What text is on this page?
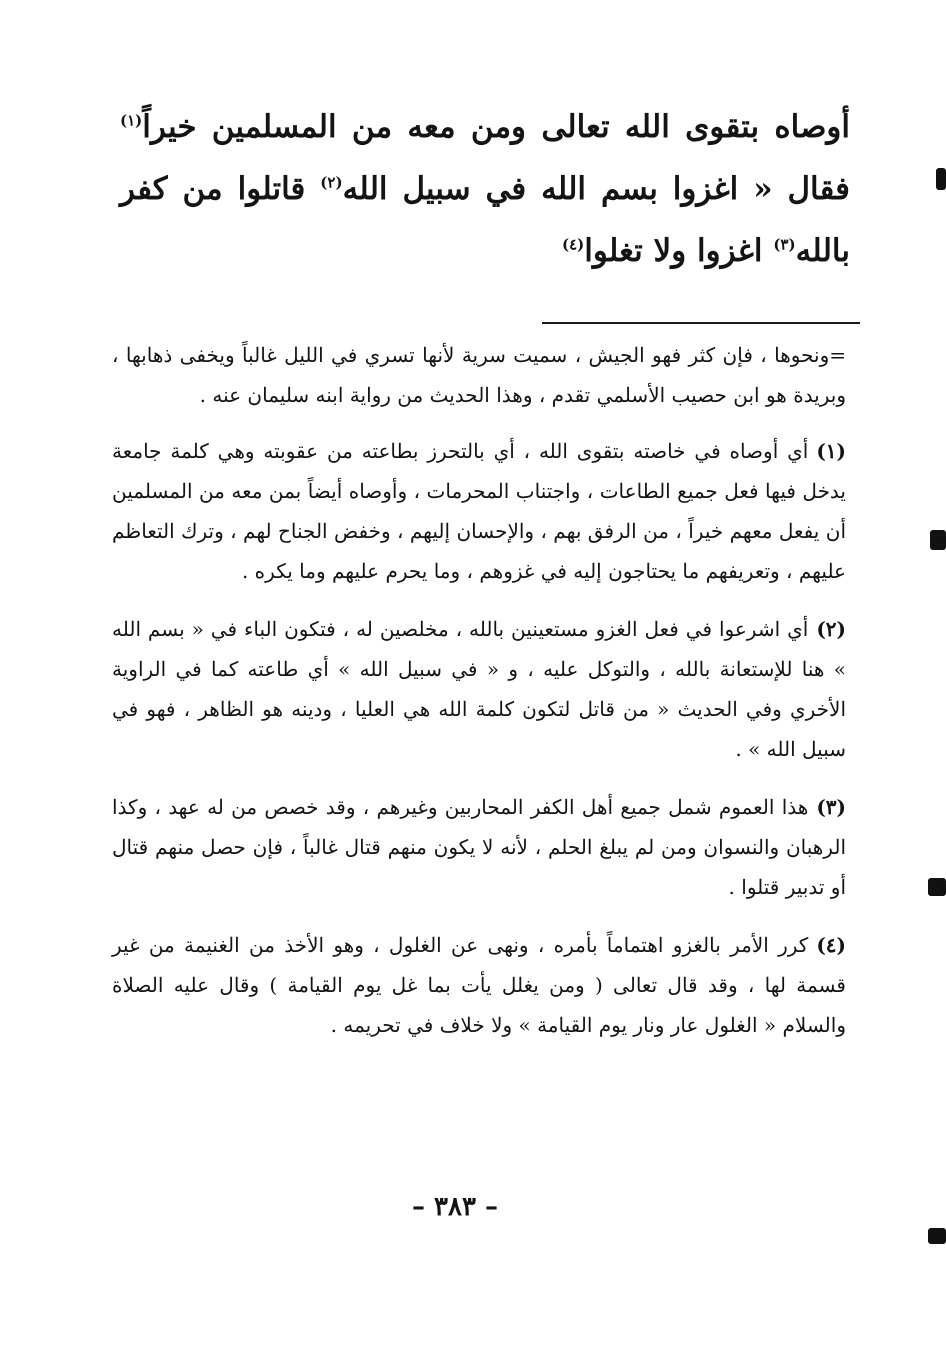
أوصاه بتقوى الله تعالى ومن معه من المسلمين خيراً$^{(١)}$ فقال « اغزوا بسم الله في سبيل الله$^{(٢)}$ قاتلوا من كفر بالله$^{(٣)}$ اغزوا ولا تغلوا$^{(٤)}$

=ونحوها ، فإن كثر فهو الجيش ، سميت سرية لأنها تسري في الليل غالباً ويخفى ذهابها ، وبريدة هو ابن حصيب الأسلمي تقدم ، وهذا الحديث من رواية ابنه سليمان عنه .

(١)أي أوصاه في خاصته بتقوى الله ، أي بالتحرز بطاعته من عقوبته وهي كلمة جامعة يدخل فيها فعل جميع الطاعات ، واجتناب المحرمات ، وأوصاه أيضاً بمن معه من المسلمين أن يفعل معهم خيراً ، من الرفق بهم ، والإحسان إليهم ، وخفض الجناح لهم ، وترك التعاظم عليهم ، وتعريفهم ما يحتاجون إليه في غزوهم ، وما يحرم عليهم وما يكره .

(٢)أي اشرعوا في فعل الغزو مستعينين بالله ، مخلصين له ، فتكون الباء في « بسم الله » هنا للإستعانة بالله ، والتوكل عليه ، و « في سبيل الله » أي طاعته كما في الراوية الأخري وفي الحديث « من قاتل لتكون كلمة الله هي العليا ، ودينه هو الظاهر ، فهو في سبيل الله » .

(٣)هذا العموم شمل جميع أهل الكفر المحاربين وغيرهم ، وقد خصص من له عهد ، وكذا الرهبان والنسوان ومن لم يبلغ الحلم ، لأنه لا يكون منهم قتال غالباً ، فإن حصل منهم قتال أو تدبير قتلوا .

(٤)كرر الأمر بالغزو اهتماماً بأمره ، ونهى عن الغلول ، وهو الأخذ من الغنيمة من غير قسمة لها ، وقد قال تعالى ( ومن يغلل يأت بما غل يوم القيامة ) وقال عليه الصلاة والسلام « الغلول عار ونار يوم القيامة » ولا خلاف في تحريمه .

– ٣٨٣ –
